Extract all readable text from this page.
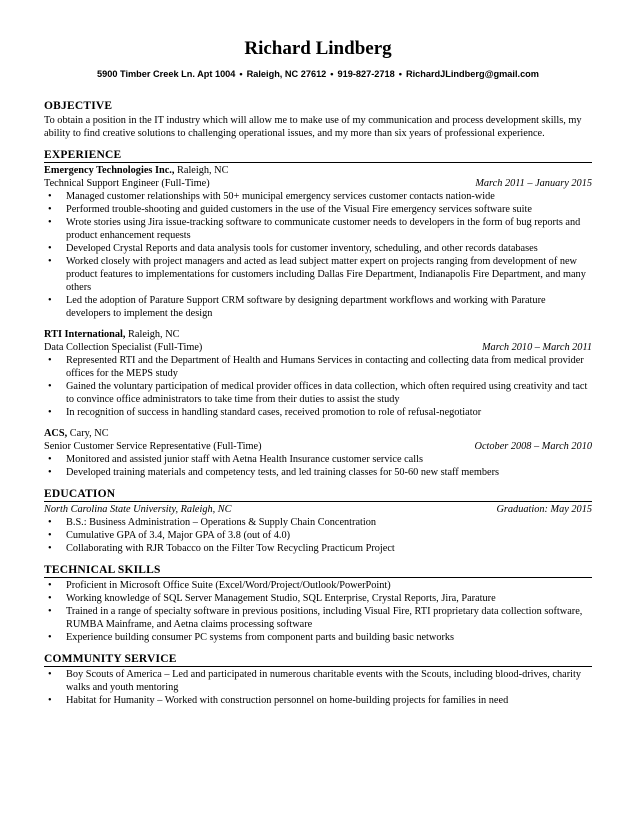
Richard Lindberg
5900 Timber Creek Ln. Apt 1004 • Raleigh, NC 27612 • 919-827-2718 • RichardJLindberg@gmail.com
OBJECTIVE

To obtain a position in the IT industry which will allow me to make use of my communication and process development skills, my ability to find creative solutions to challenging operational issues, and my more than six years of professional experience.

EXPERIENCE
Emergency Technologies Inc., Raleigh, NC
Technical Support Engineer (Full-Time)	March 2011 – January 2015
• Managed customer relationships with 50+ municipal emergency services customer contacts nation-wide
• Performed trouble-shooting and guided customers in the use of the Visual Fire emergency services software suite
• Wrote stories using Jira issue-tracking software to communicate customer needs to developers in the form of bug reports and product enhancement requests
• Developed Crystal Reports and data analysis tools for customer inventory, scheduling, and other records databases
• Worked closely with project managers and acted as lead subject matter expert on projects ranging from development of new product features to implementations for customers including Dallas Fire Department, Indianapolis Fire Department, and many others
• Led the adoption of Parature Support CRM software by designing department workflows and working with Parature developers to implement the design
RTI International, Raleigh, NC
Data Collection Specialist (Full-Time)	March 2010 – March 2011
• Represented RTI and the Department of Health and Humans Services in contacting and collecting data from medical provider offices for the MEPS study
• Gained the voluntary participation of medical provider offices in data collection, which often required using creativity and tact to convince office administrators to take time from their duties to assist the study
• In recognition of success in handling standard cases, received promotion to role of refusal-negotiator
ACS, Cary, NC
Senior Customer Service Representative (Full-Time)	October 2008 – March 2010
• Monitored and assisted junior staff with Aetna Health Insurance customer service calls
• Developed training materials and competency tests, and led training classes for 50-60 new staff members
EDUCATION
North Carolina State University, Raleigh, NC	Graduation: May 2015
• B.S.: Business Administration – Operations & Supply Chain Concentration
• Cumulative GPA of 3.4, Major GPA of 3.8 (out of 4.0)
• Collaborating with RJR Tobacco on the Filter Tow Recycling Practicum Project
TECHNICAL SKILLS
• Proficient in Microsoft Office Suite (Excel/Word/Project/Outlook/PowerPoint)
• Working knowledge of SQL Server Management Studio, SQL Enterprise, Crystal Reports, Jira, Parature
• Trained in a range of specialty software in previous positions, including Visual Fire, RTI proprietary data collection software, RUMBA Mainframe, and Aetna claims processing software
• Experience building consumer PC systems from component parts and building basic networks
COMMUNITY SERVICE
• Boy Scouts of America – Led and participated in numerous charitable events with the Scouts, including blood-drives, charity walks and youth mentoring
• Habitat for Humanity – Worked with construction personnel on home-building projects for families in need
